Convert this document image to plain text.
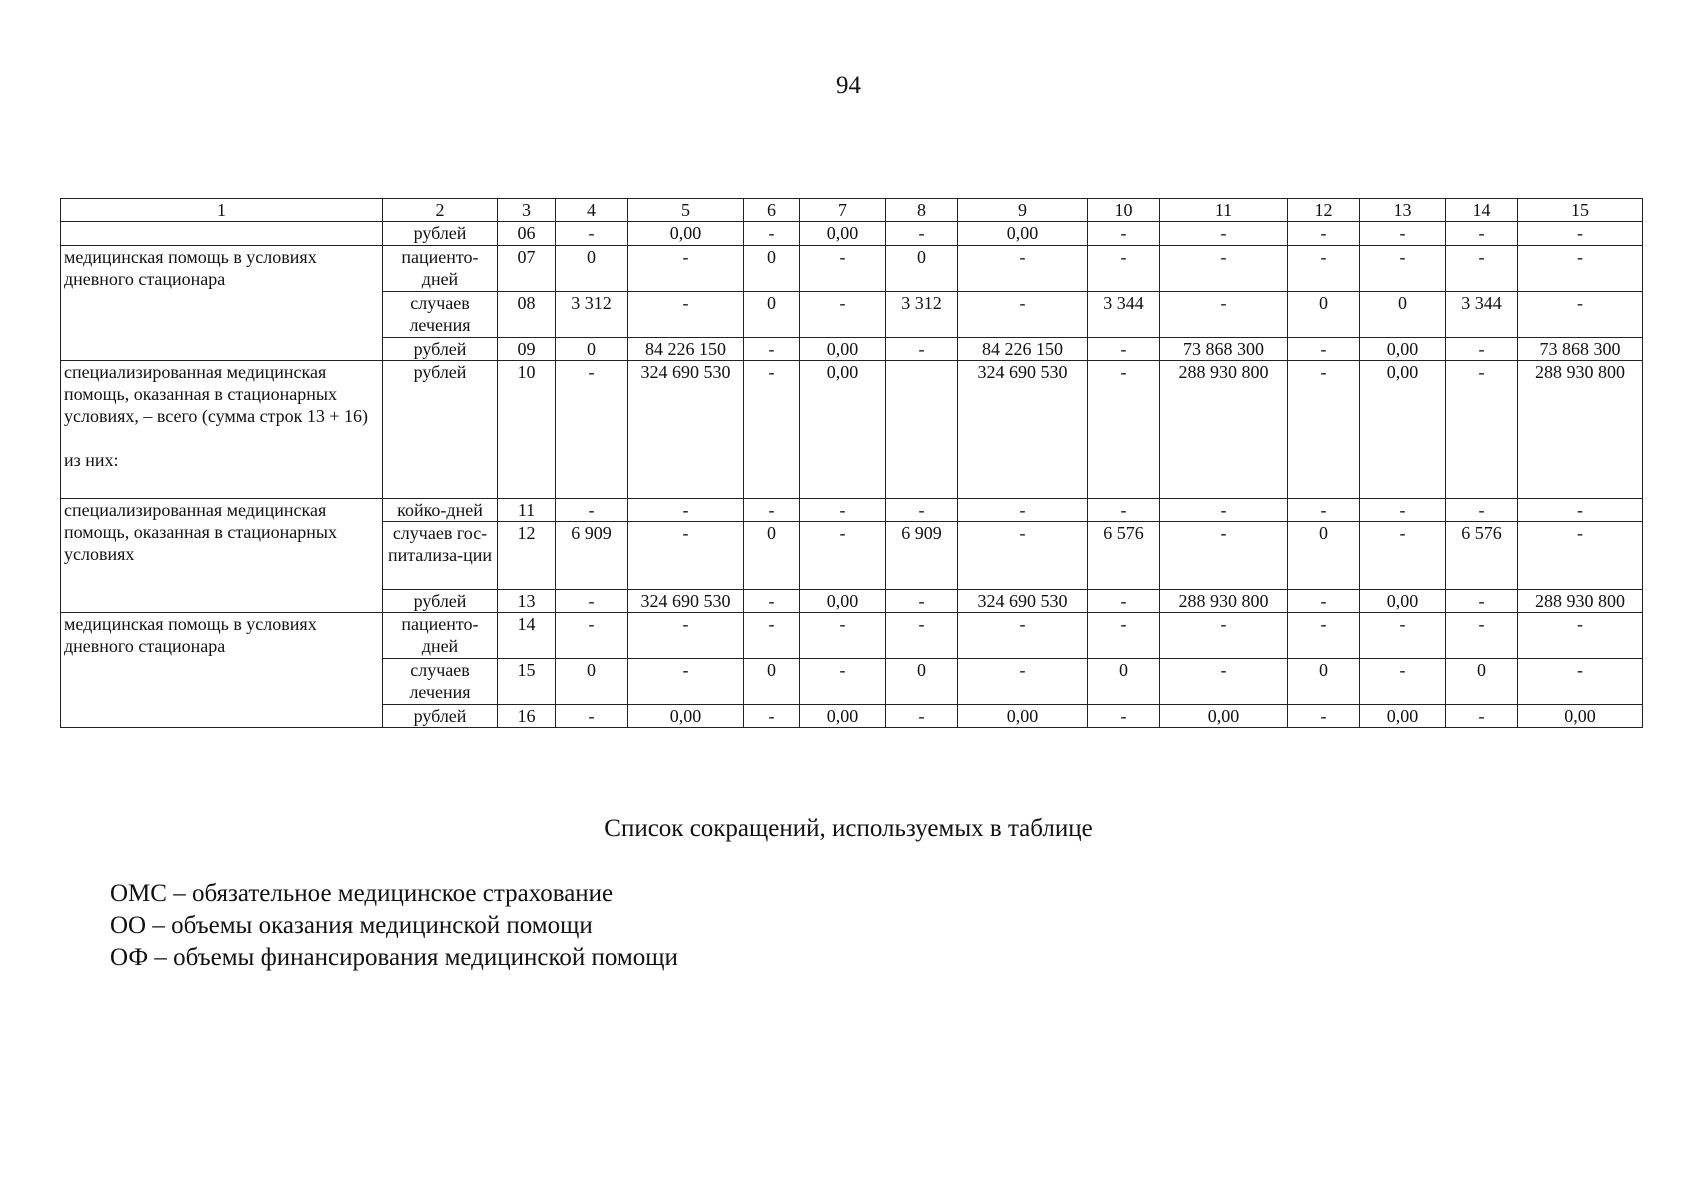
94
1	2	3	4	5	6	7	8	9	10	11	12	13	14	15
	рублей	06	-	0,00	-	0,00	-	0,00	-	-	-	-	-	-
медицинская помощь в условиях дневного стационара	пациенто-дней	07	0	-	0	-	0	-	-	-	-	-	-	-
	случаев лечения	08	3 312	-	0	-	3 312	-	3 344	-	0	0	3 344	-
	рублей	09	0	84 226 150	-	0,00	-	84 226 150	-	73 868 300	-	0,00	-	73 868 300

специализированная медицинская помощь, оказанная в стационарных условиях, – всего (сумма строк 13 + 16)
из них:	рублей	10	-	324 690 530	-	0,00		324 690 530	-	288 930 800	-	0,00	-	288 930 800
специализированная медицинская помощь, оказанная в стационарных условиях	койко-дней	11	-	-	-	-	-	-	-	-	-	-	-	-
	случаев гос-питализа-ции	12	6 909	-	0	-	6 909	-	6 576	-	0	-	6 576	-
	рублей	13	-	324 690 530	-	0,00	-	324 690 530	-	288 930 800	-	0,00	-	288 930 800
медицинская помощь в условиях дневного стационара	пациенто-дней	14	-	-	-	-	-	-	-	-	-	-	-	-
	случаев лечения	15	0	-	0	-	0	-	0	-	0	-	0	-
	рублей	16	-	0,00	-	0,00	-	0,00	-	0,00	-	0,00	-	0,00
Список сокращений, используемых в таблице
ОМС – обязательное медицинское страхование
ОО – объемы оказания медицинской помощи
ОФ – объемы финансирования медицинской помощи
